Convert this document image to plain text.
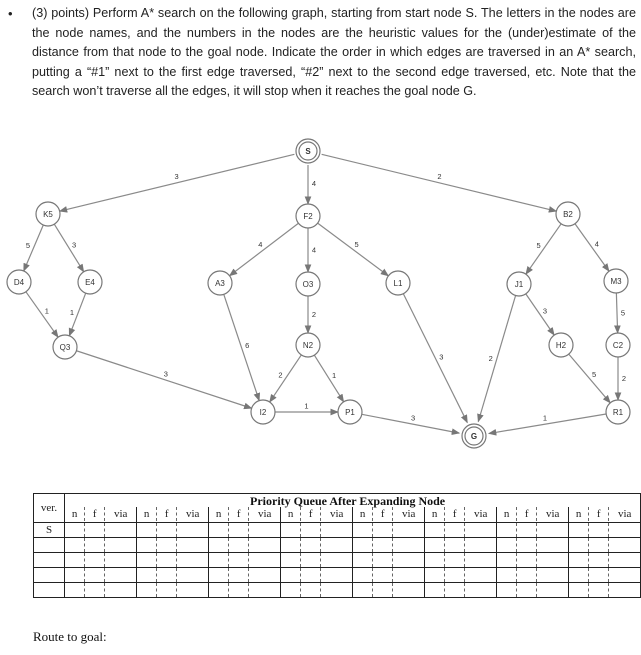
• (3) points) Perform A* search on the following graph, starting from start node S. The letters in the nodes are the node names, and the numbers in the nodes are the heuristic values for the (under)estimate of the distance from that node to the goal node. Indicate the order in which edges are traversed in an A* search, putting a “#1” next to the first edge traversed, “#2” next to the second edge traversed, etc. Note that the search won’t traverse all the edges, it will stop when it reaches the goal node G.
3
4
2
5	3
1	1
3
4
4
5
6
2
2	1
1
3
3
5	4
3
2
5
5
2
1
S
K5	F2	B2
D4	E4	A3	O3	L1	J1	M3
Q3	N2	H2	C2
I2	P1	R1
G
Priority Queue After Expanding Node
ver.								

	n f via	n f via	n f via	n f via	n f via	n f via	n f via	n f via

S	

Route to goal:
